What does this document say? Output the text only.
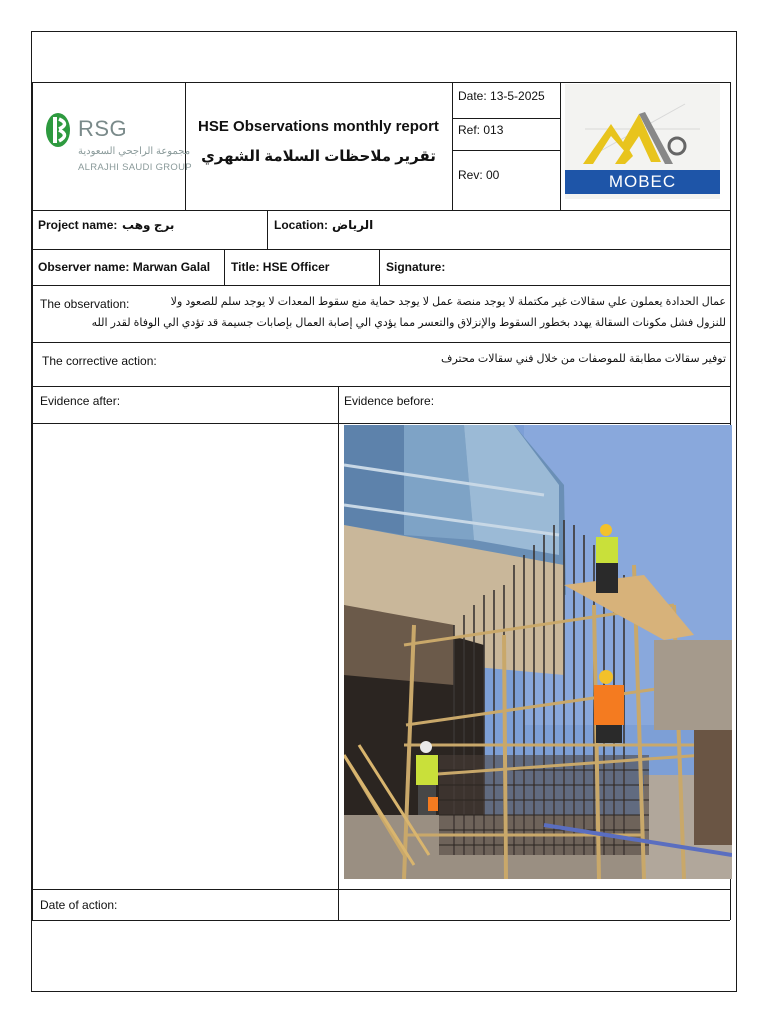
RSG
مجموعة الراجحي السعودية
ALRAJHI SAUDI GROUP
HSE Observations monthly report
تقرير ملاحظات السلامة الشهري
Date: 13-5-2025
Ref: 013
Rev: 00	MOBEC
Project name: برج وهب	Location: الرياض
Observer name: Marwan Galal Title: HSE Officer	Signature:
The observation:	عمال الحدادة يعملون علي سقالات غير مكتملة لا يوجد منصة عمل لا يوجد حماية منع سقوط المعدات لا يوجد سلم للصعود ولا
للنزول فشل مكونات السقالة يهدد بخطور السقوط والإنزلاق والتعسر مما يؤدي الي إصابة العمال بإصابات جسيمة قد تؤدي الي الوفاة لقدر الله
The corrective action:	توفير سقالات مطابقة للموصفات من خلال فني سقالات محترف
Evidence after:	Evidence before:
Date of action:
